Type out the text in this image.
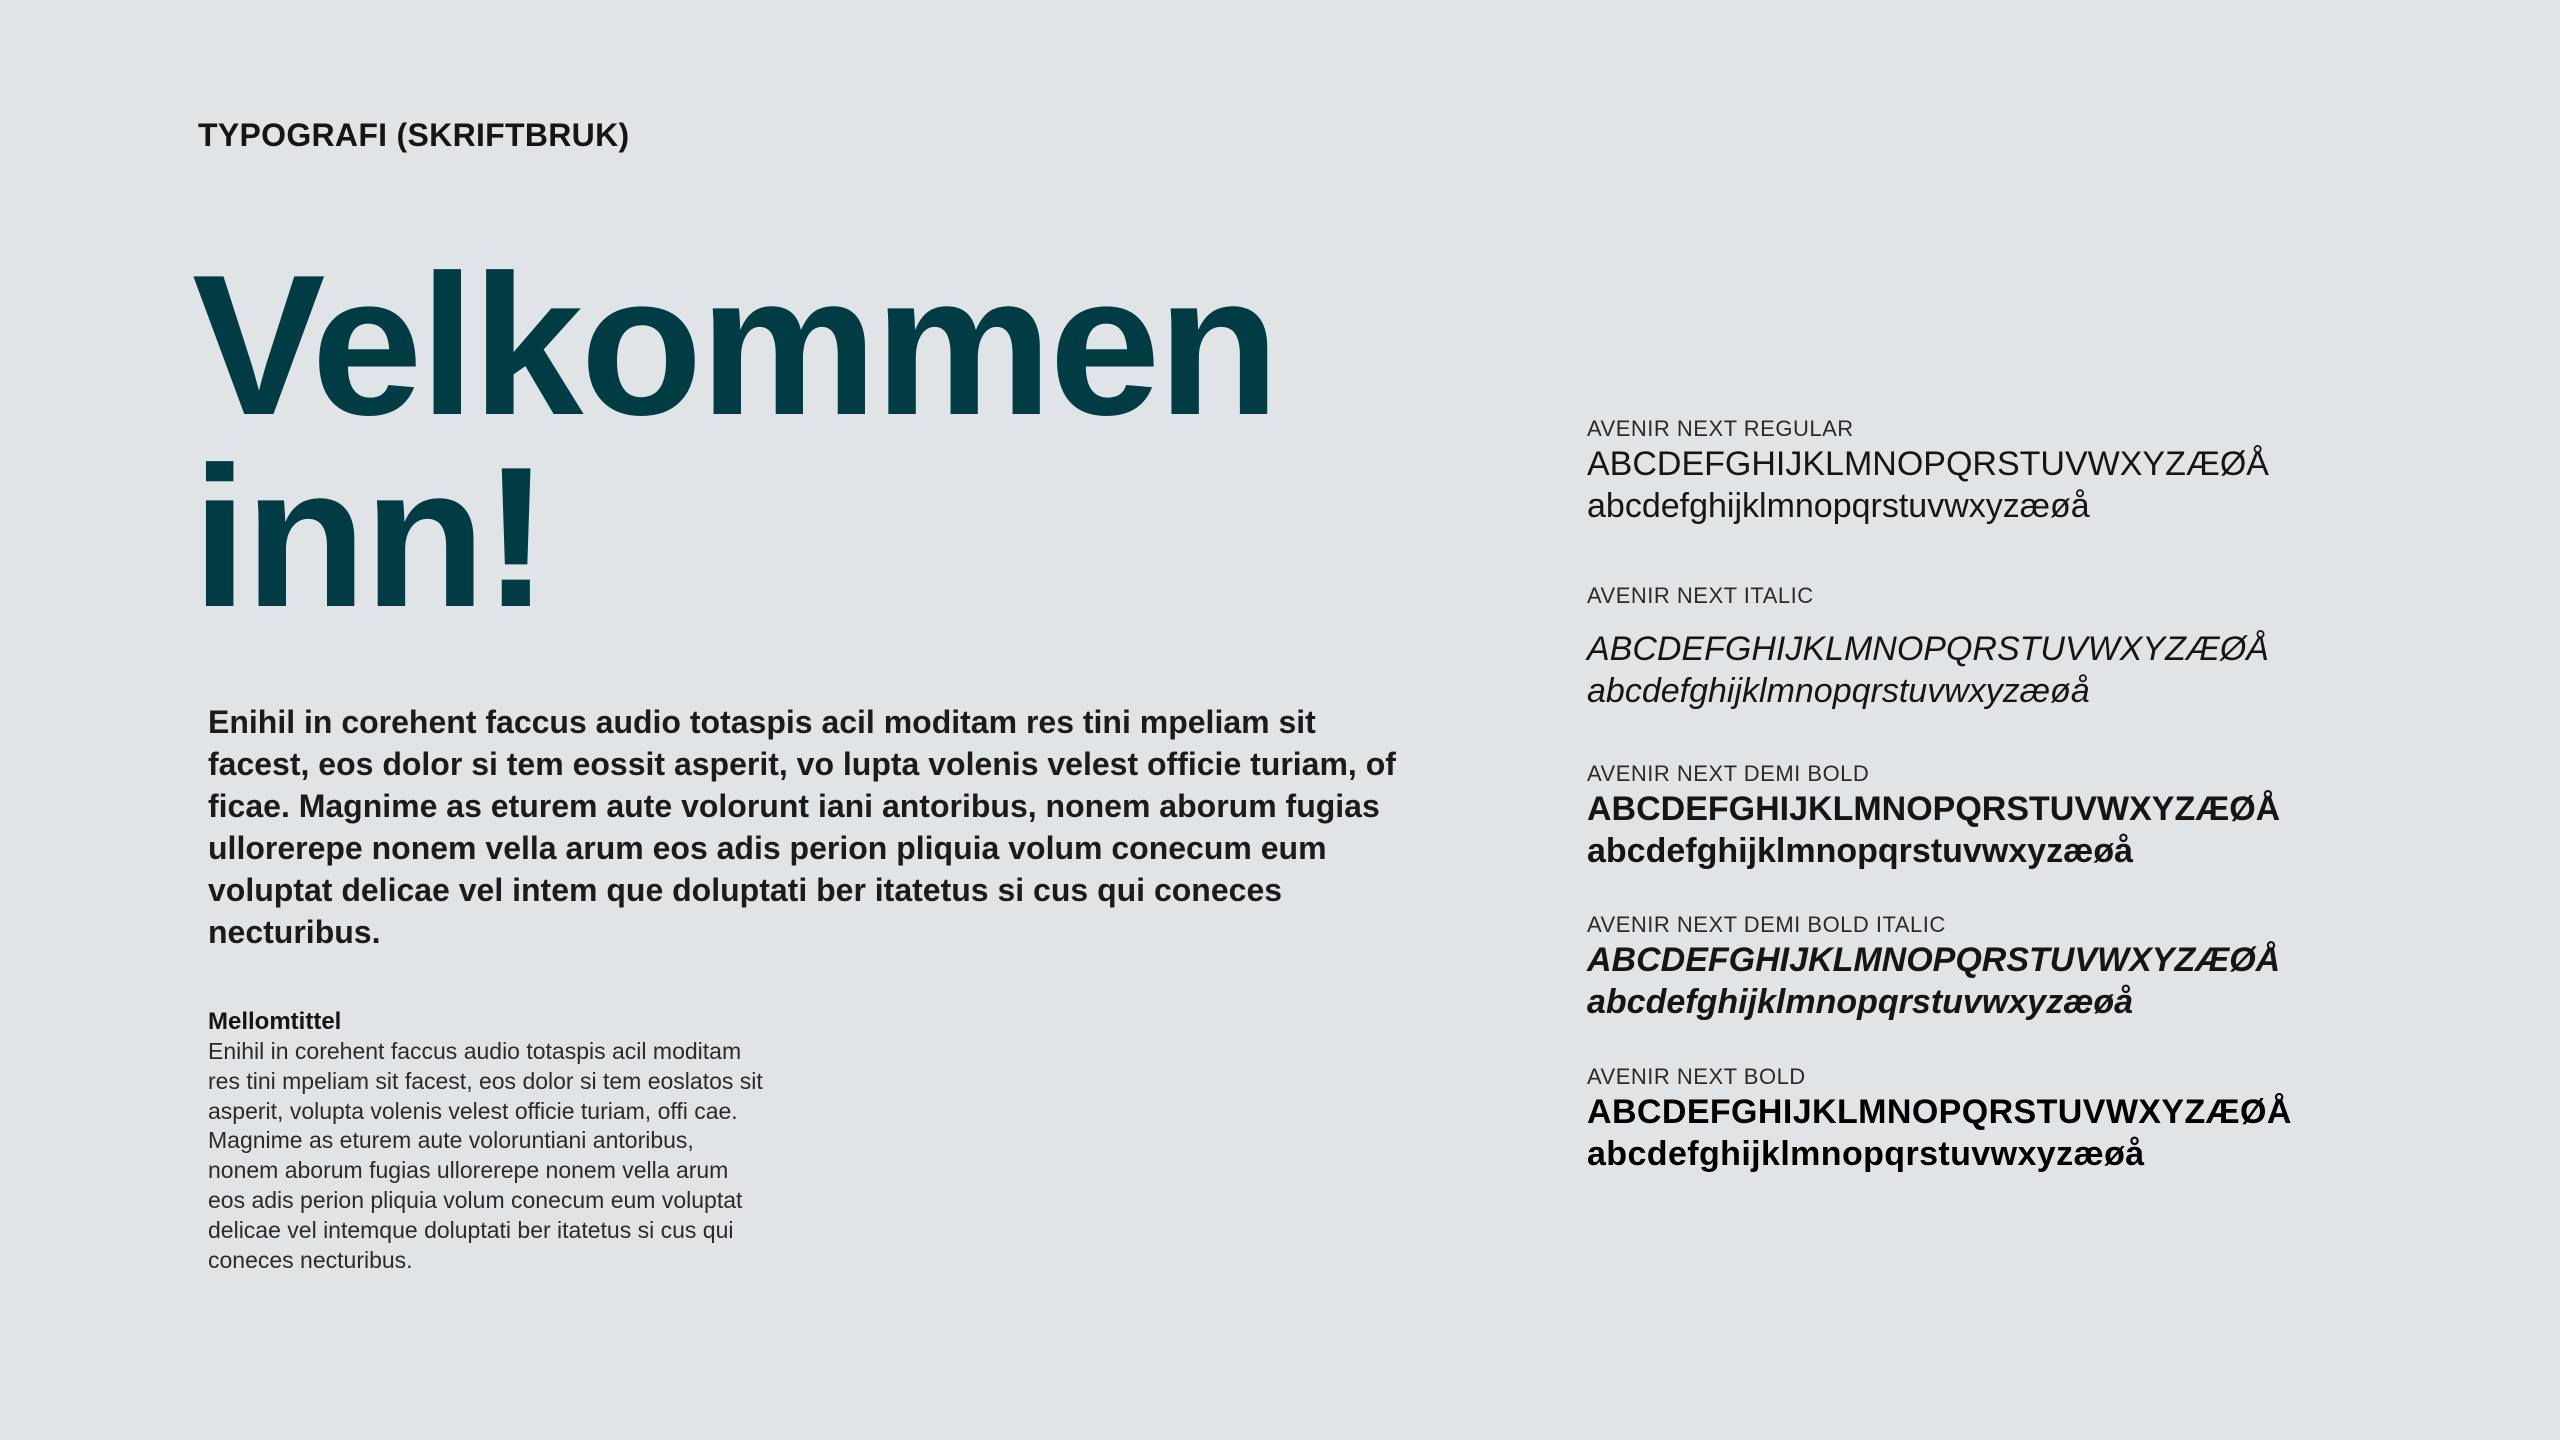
TYPOGRAFI (SKRIFTBRUK)
Velkommen
inn!

Enihil in corehent faccus audio totaspis acil moditam res tini mpeliam sit facest, eos dolor si tem eossit asperit, vo lupta volenis velest officie turiam, of ficae. Magnime as eturem aute volorunt iani antoribus, nonem aborum fugias ullorerepe nonem vella arum eos adis perion pliquia volum conecum eum voluptat delicae vel intem que doluptati ber itatetus si cus qui coneces necturibus.

Mellomtittel

Enihil in corehent faccus audio totaspis acil moditam res tini mpeliam sit facest, eos dolor si tem eoslatos sit asperit, volupta volenis velest officie turiam, offi cae. Magnime as eturem aute voloruntiani antoribus, nonem aborum fugias ullorerepe nonem vella arum eos adis perion pliquia volum conecum eum voluptat delicae vel intemque doluptati ber itatetus si cus qui coneces necturibus.

AVENIR NEXT REGULAR

ABCDEFGHIJKLMNOPQRSTUVWXYZÆØÅ

abcdefghijklmnopqrstuvwxyzæøå

AVENIR NEXT ITALIC

ABCDEFGHIJKLMNOPQRSTUVWXYZÆØÅ

abcdefghijklmnopqrstuvwxyzæøå

AVENIR NEXT DEMI BOLD

ABCDEFGHIJKLMNOPQRSTUVWXYZÆØÅ

abcdefghijklmnopqrstuvwxyzæøå

AVENIR NEXT DEMI BOLD ITALIC

ABCDEFGHIJKLMNOPQRSTUVWXYZÆØÅ

abcdefghijklmnopqrstuvwxyzæøå

AVENIR NEXT BOLD

ABCDEFGHIJKLMNOPQRSTUVWXYZÆØÅ

abcdefghijklmnopqrstuvwxyzæøå
